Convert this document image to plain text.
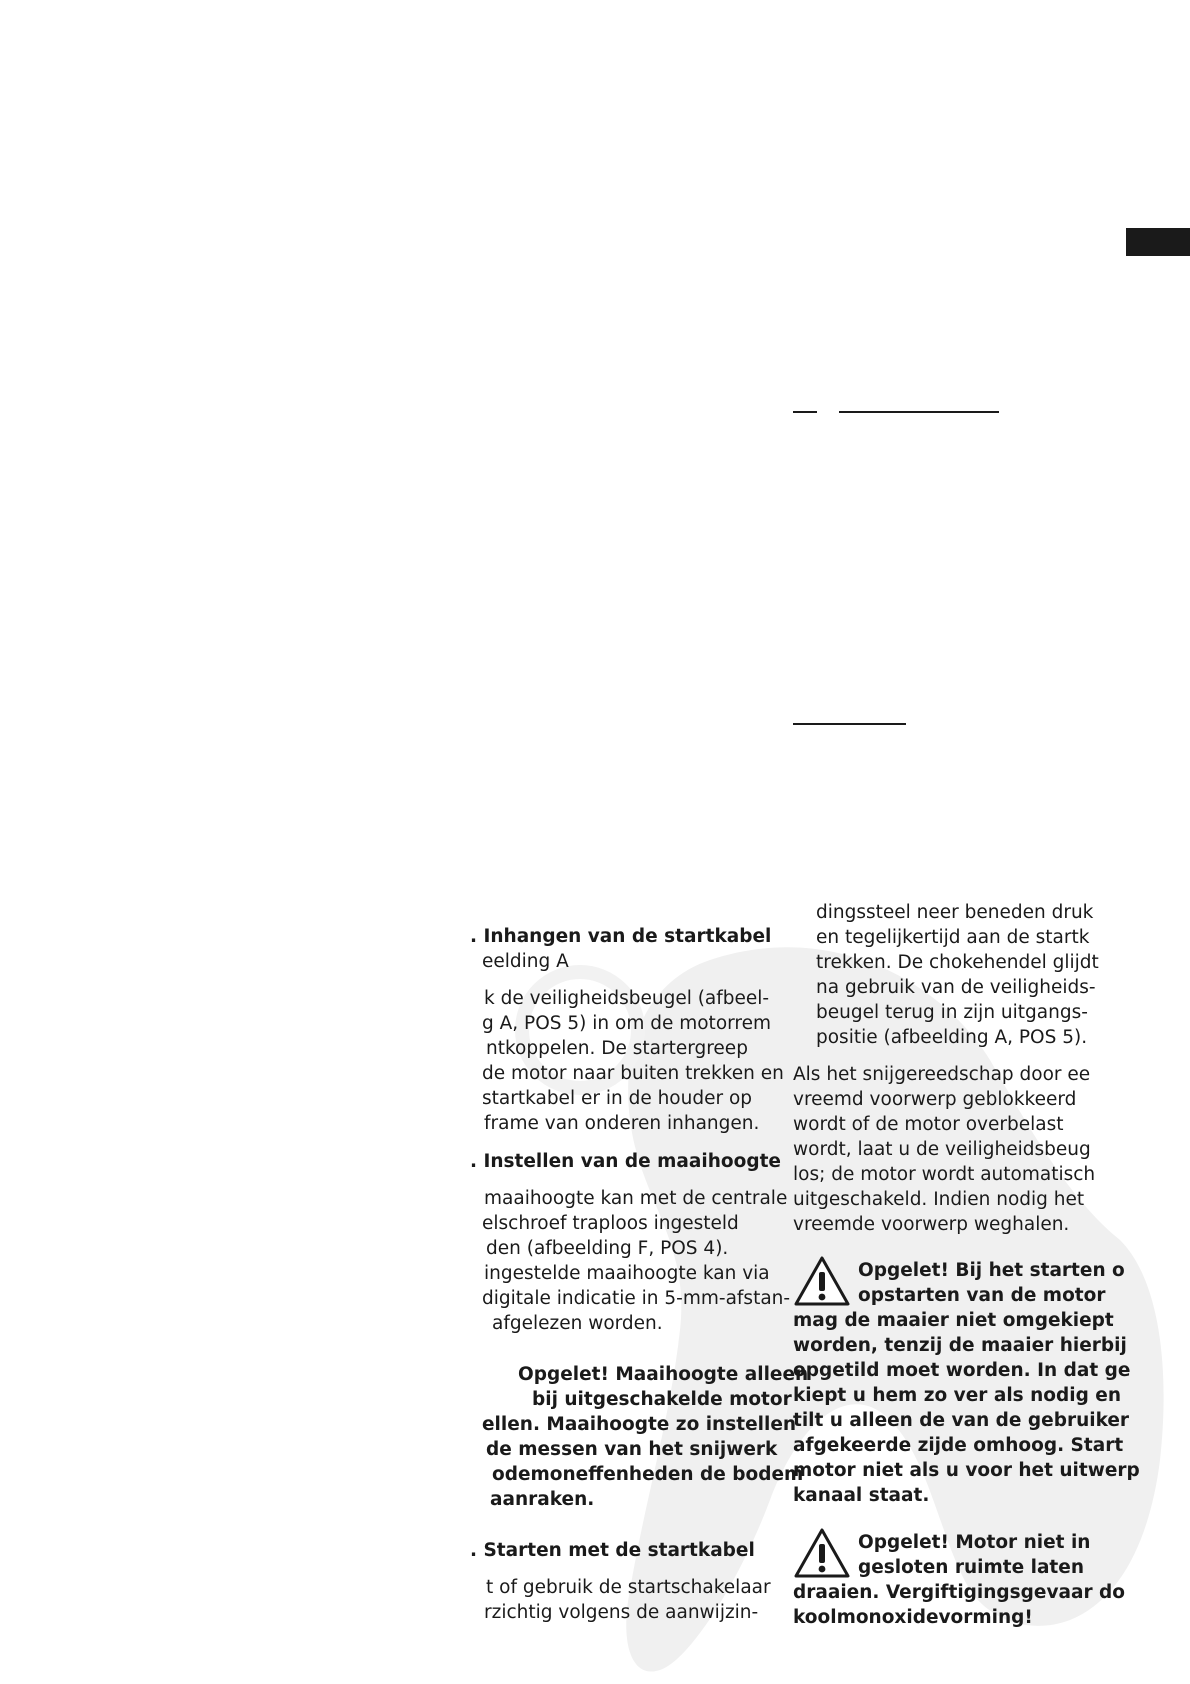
. Inhangen van de startkabel
eelding A
k de veiligheidsbeugel (afbeel-
g A, POS 5) in om de motorrem
ntkoppelen. De startergreep
de motor naar buiten trekken en
startkabel er in de houder op
frame van onderen inhangen.
. Instellen van de maaihoogte
maaihoogte kan met de centrale
elschroef traploos ingesteld
den (afbeelding F, POS 4).
ingestelde maaihoogte kan via
digitale indicatie in 5-mm-afstan-
afgelezen worden.
Opgelet! Maaihoogte alleen
bij uitgeschakelde motor
ellen. Maaihoogte zo instellen
de messen van het snijwerk
odemoneffenheden de bodem
aanraken.
. Starten met de startkabel
t of gebruik de startschakelaar
rzichtig volgens de aanwijzin-
dingssteel neer beneden druk
en tegelijkertijd aan de startk
trekken. De chokehendel glijdt
na gebruik van de veiligheids-
beugel terug in zijn uitgangs-
positie (afbeelding A, POS 5).
Als het snijgereedschap door ee
vreemd voorwerp geblokkeerd
wordt of de motor overbelast
wordt, laat u de veiligheidsbeug
los; de motor wordt automatisch
uitgeschakeld. Indien nodig het
vreemde voorwerp weghalen.
Opgelet! Bij het starten o
opstarten van de motor
mag de maaier niet omgekiept
worden, tenzij de maaier hierbij
opgetild moet worden. In dat ge
kiept u hem zo ver als nodig en
tilt u alleen de van de gebruiker
afgekeerde zijde omhoog. Start
motor niet als u voor het uitwerp
kanaal staat.
Opgelet! Motor niet in
gesloten ruimte laten
draaien. Vergiftigingsgevaar do
koolmonoxidevorming!
